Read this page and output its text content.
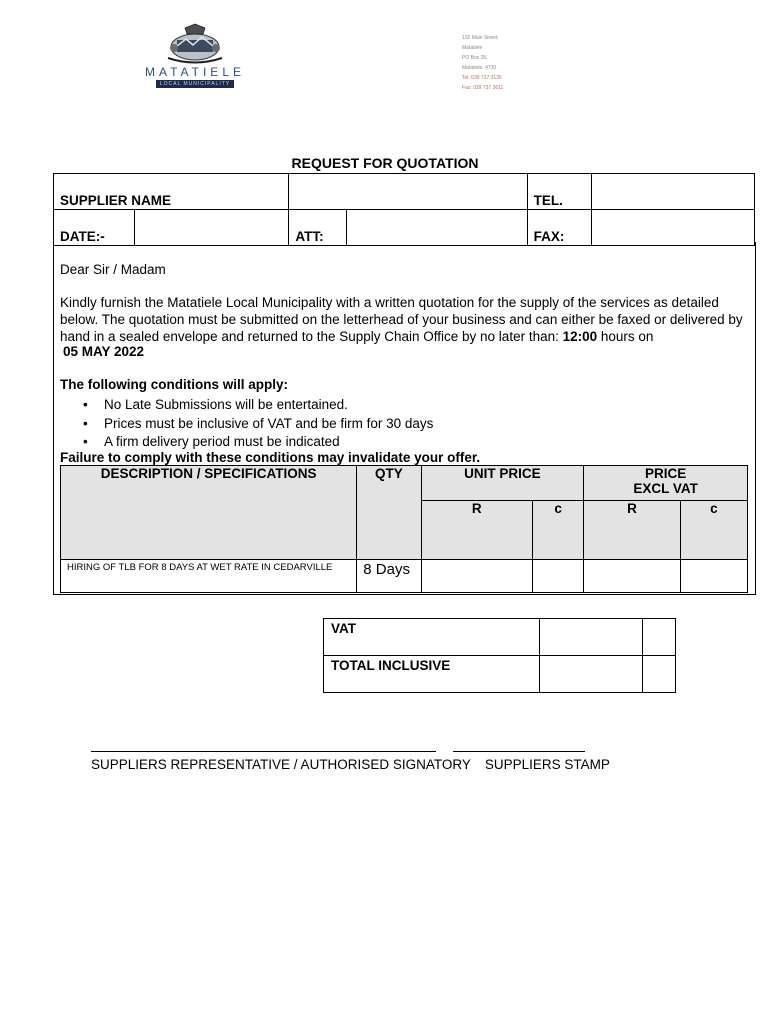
MATATIELE
LOCAL MUNICIPALITY
102 Main Street,
Matatiele
PO Box 35,
Matatiele, 4730
Tel: 039 737 3135
Fax: 039 737 3611
REQUEST FOR QUOTATION
SUPPLIER NAME				TEL.	
DATE:-		ATT:		FAX:	
Dear Sir / Madam
Kindly furnish the Matatiele Local Municipality with a written quotation for the supply of the services as detailed below. The quotation must be submitted on the letterhead of your business and can either be faxed or delivered by hand in a sealed envelope and returned to the Supply Chain Office by no later than: 12:00 hours on
05 MAY 2022
The following conditions will apply:
• No Late Submissions will be entertained.
• Prices must be inclusive of VAT and be firm for 30 days
• A firm delivery period must be indicated
Failure to comply with these conditions may invalidate your offer.
DESCRIPTION / SPECIFICATIONS	QTY	UNIT PRICE		PRICE
EXCL VAT	

		R	c	R	c
HIRING OF TLB FOR 8 DAYS AT WET RATE IN CEDARVILLE	8 Days				
VAT		
TOTAL INCLUSIVE		
SUPPLIERS REPRESENTATIVE / AUTHORISED SIGNATORY SUPPLIERS STAMP
